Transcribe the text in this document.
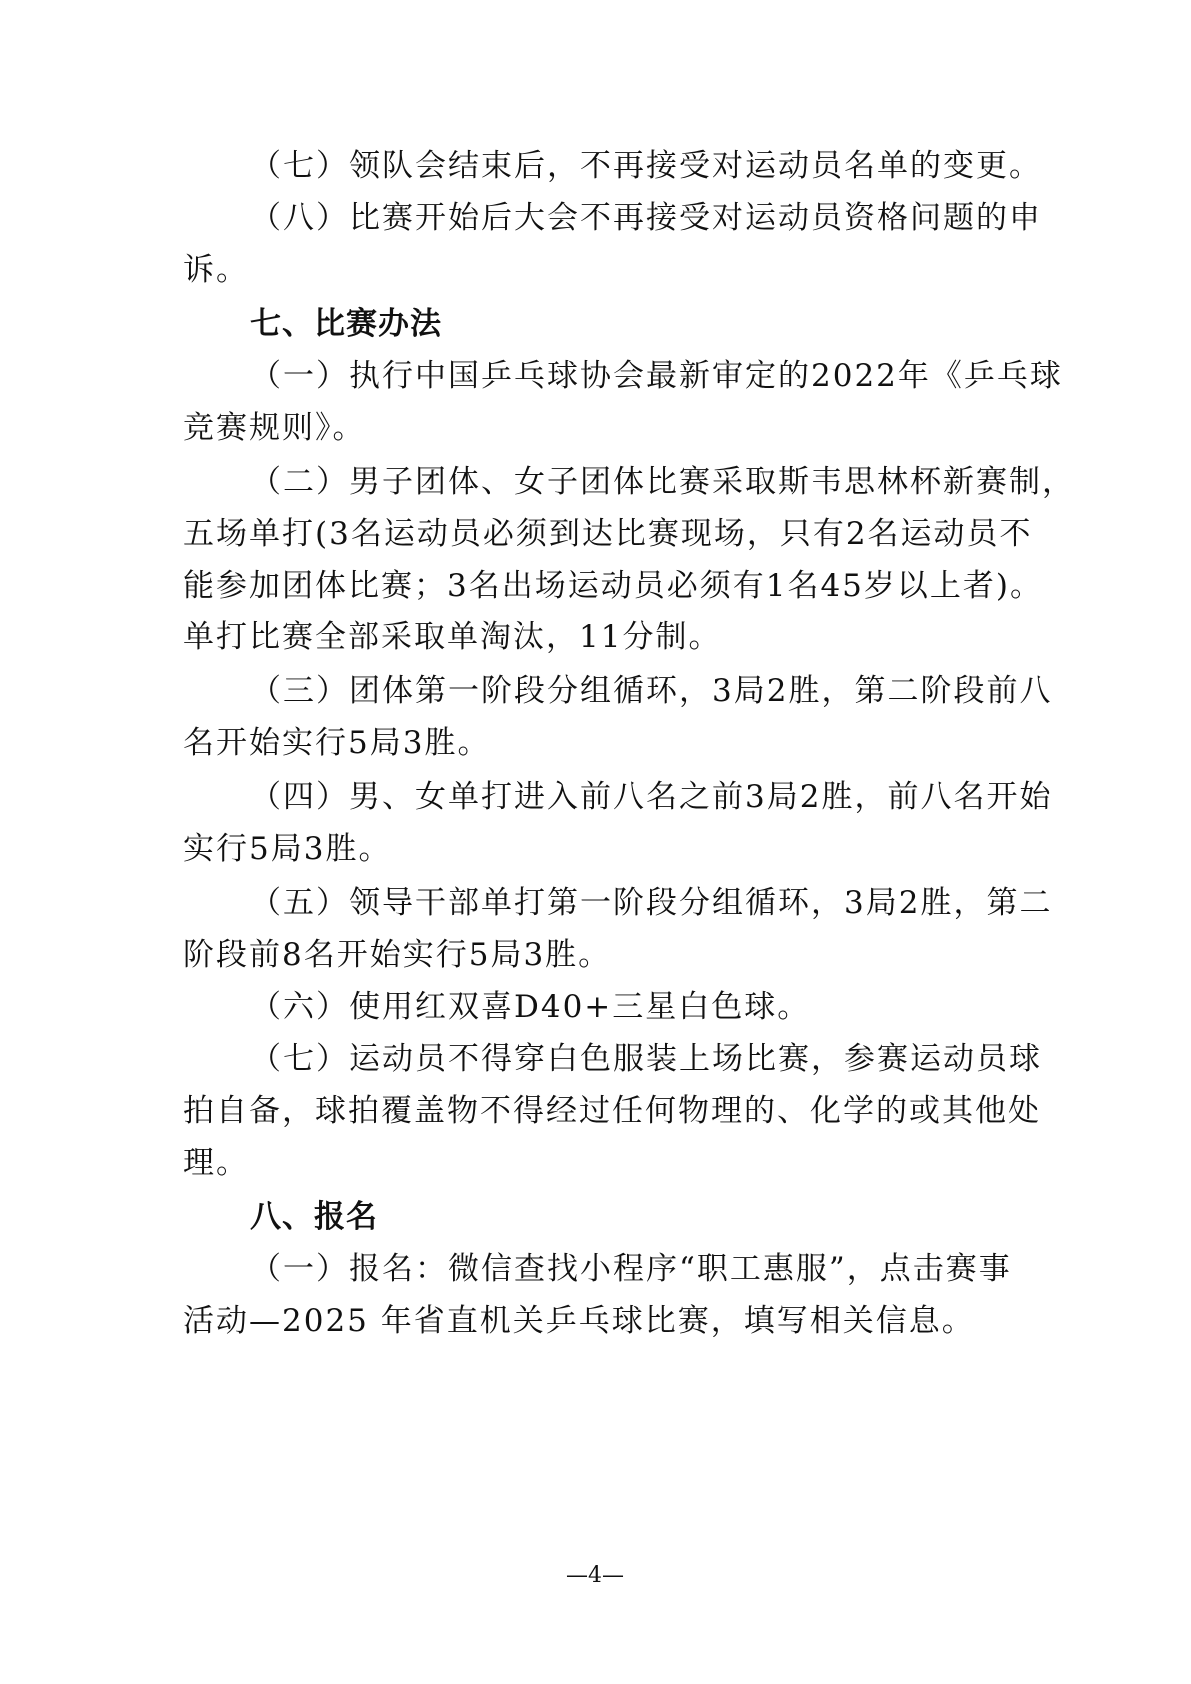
（七）领队会结束后，不再接受对运动员名单的变更。
（八）比赛开始后大会不再接受对运动员资格问题的申
诉。
七、比赛办法
（一）执行中国乒乓球协会最新审定的2022年《乒乓球
竞赛规则》。
（二）男子团体、女子团体比赛采取斯韦思林杯新赛制，
五场单打(3名运动员必须到达比赛现场，只有2名运动员不
能参加团体比赛；3名出场运动员必须有1名45岁以上者)。
单打比赛全部采取单淘汰，11分制。
（三）团体第一阶段分组循环，3局2胜，第二阶段前八
名开始实行5局3胜。
（四）男、女单打进入前八名之前3局2胜，前八名开始
实行5局3胜。
（五）领导干部单打第一阶段分组循环，3局2胜，第二
阶段前8名开始实行5局3胜。
（六）使用红双喜D40+三星白色球。
（七）运动员不得穿白色服装上场比赛，参赛运动员球
拍自备，球拍覆盖物不得经过任何物理的、化学的或其他处
理。
八、报名
（一）报名：微信查找小程序“职工惠服”，点击赛事
活动—2025 年省直机关乒乓球比赛，填写相关信息。
—4—
